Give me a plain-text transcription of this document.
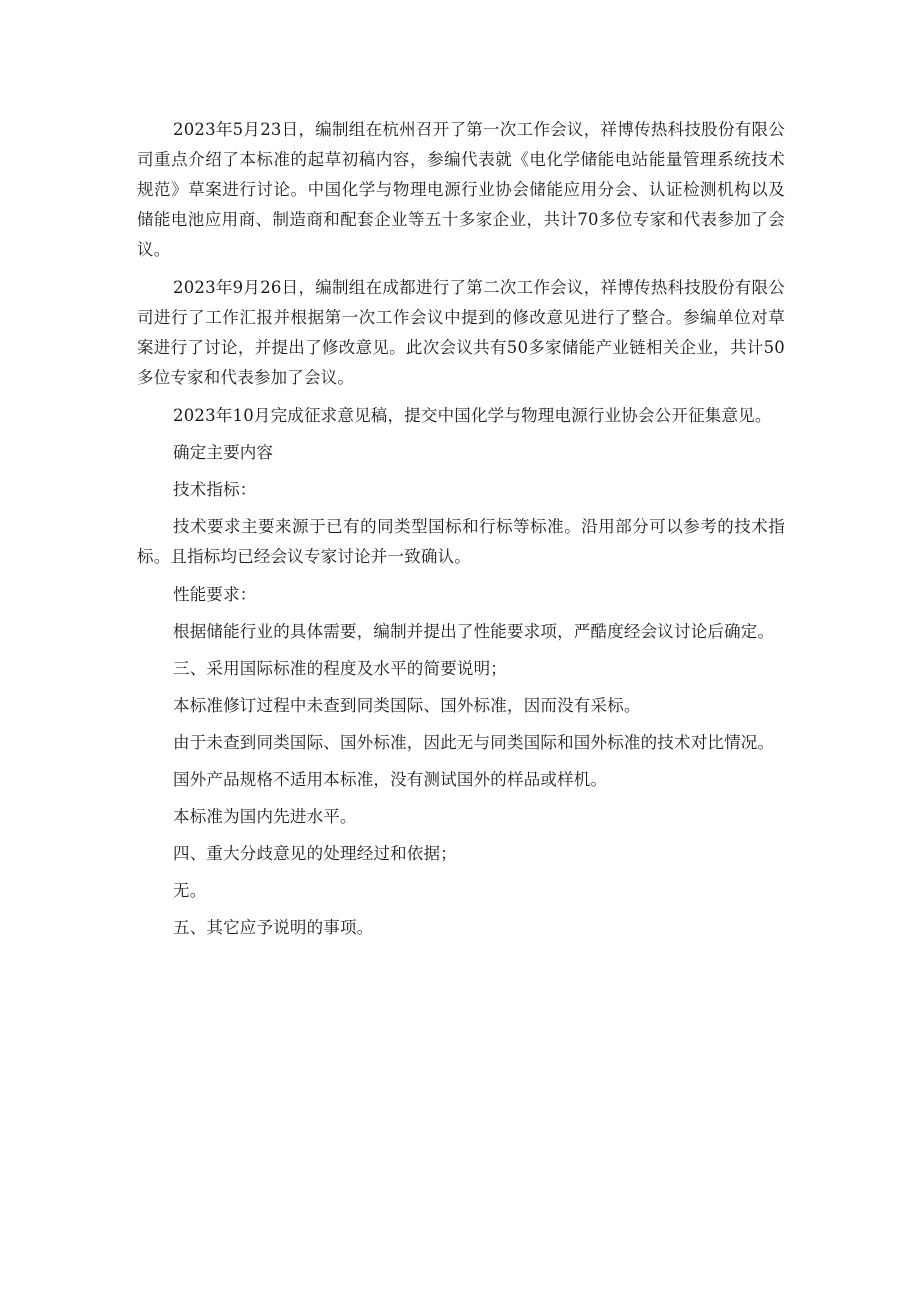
2023年5月23日，编制组在杭州召开了第一次工作会议，祥博传热科技股份有限公司重点介绍了本标准的起草初稿内容，参编代表就《电化学储能电站能量管理系统技术规范》草案进行讨论。中国化学与物理电源行业协会储能应用分会、认证检测机构以及储能电池应用商、制造商和配套企业等五十多家企业，共计70多位专家和代表参加了会议。

2023年9月26日，编制组在成都进行了第二次工作会议，祥博传热科技股份有限公司进行了工作汇报并根据第一次工作会议中提到的修改意见进行了整合。参编单位对草案进行了讨论，并提出了修改意见。此次会议共有50多家储能产业链相关企业，共计50多位专家和代表参加了会议。

2023年10月完成征求意见稿，提交中国化学与物理电源行业协会公开征集意见。

确定主要内容

技术指标：

技术要求主要来源于已有的同类型国标和行标等标准。沿用部分可以参考的技术指标。且指标均已经会议专家讨论并一致确认。

性能要求：

根据储能行业的具体需要，编制并提出了性能要求项，严酷度经会议讨论后确定。

三、采用国际标准的程度及水平的简要说明；

本标准修订过程中未查到同类国际、国外标准，因而没有采标。

由于未查到同类国际、国外标准，因此无与同类国际和国外标准的技术对比情况。

国外产品规格不适用本标准，没有测试国外的样品或样机。

本标准为国内先进水平。

四、重大分歧意见的处理经过和依据；

无。

五、其它应予说明的事项。
